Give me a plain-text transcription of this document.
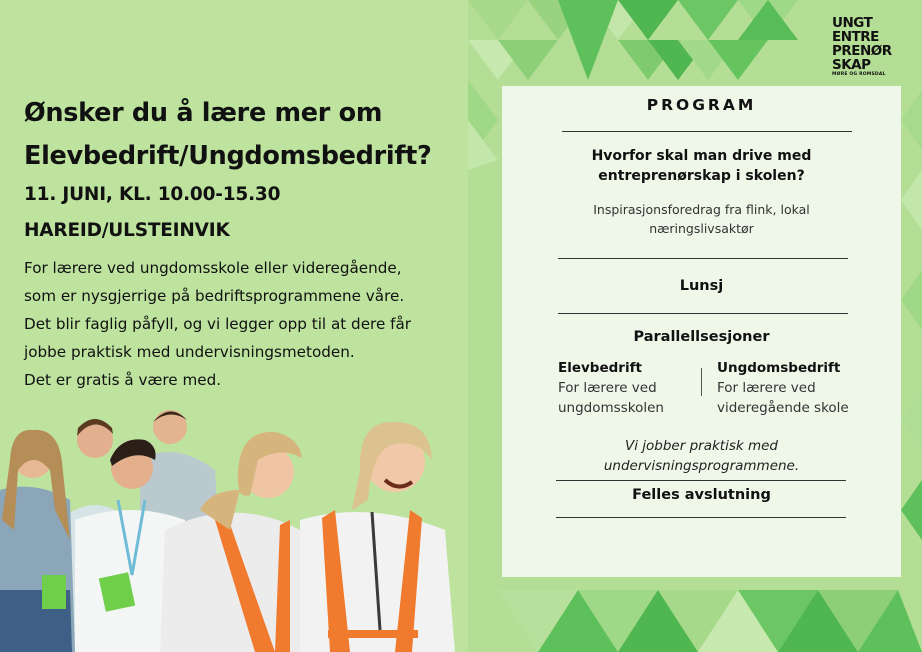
UNGT
ENTRE
PRENØR
SKAP
MØRE OG ROMSDAL
Ønsker du å lære mer om
Elevbedrift/Ungdomsbedrift?

11. JUNI, KL. 10.00-15.30

HAREID/ULSTEINVIK

For lærere ved ungdomsskole eller videregående,
som er nysgjerrige på bedriftsprogrammene våre.
Det blir faglig påfyll, og vi legger opp til at dere får
jobbe praktisk med undervisningsmetoden.
Det er gratis å være med.

PROGRAM
Hvorfor skal man drive med
entreprenørskap i skolen?
Inspirasjonsforedrag fra flink, lokal
næringslivsaktør
Lunsj
Parallellsesjoner
Elevbedrift
For lærere ved
ungdomsskolen
Ungdomsbedrift
For lærere ved
videregående skole
Vi jobber praktisk med
undervisningsprogrammene.
Felles avslutning
